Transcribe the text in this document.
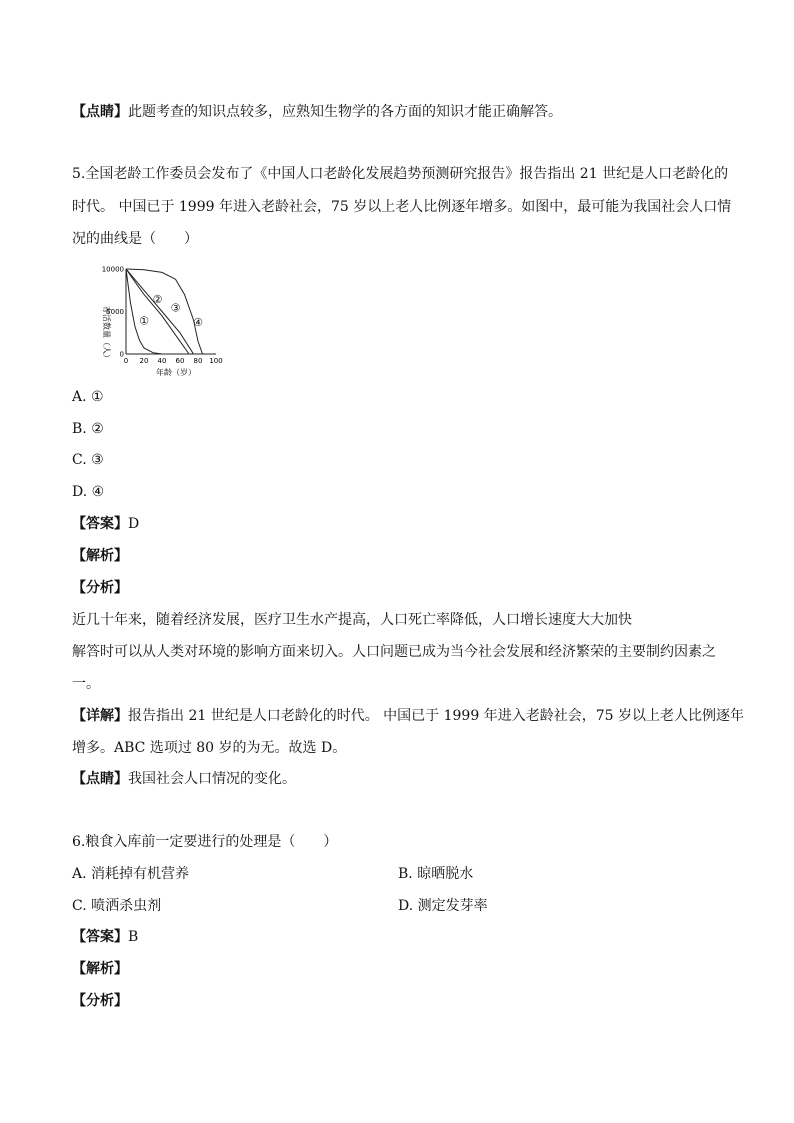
【点睛】此题考查的知识点较多，应熟知生物学的各方面的知识才能正确解答。
5.全国老龄工作委员会发布了《中国人口老龄化发展趋势预测研究报告》报告指出 21 世纪是人口老龄化的
时代。 中国已于 1999 年进入老龄社会，75 岁以上老人比例逐年增多。如图中，最可能为我国社会人口情
况的曲线是（　　）
①
②
③
④
0 20 40 60 80 100
0
5000
10000
存活数量（人）
年龄（岁）
A. ①
B. ②
C. ③
D. ④
【答案】D
【解析】
【分析】
近几十年来，随着经济发展，医疗卫生水产提高，人口死亡率降低，人口增长速度大大加快
解答时可以从人类对环境的影响方面来切入。人口问题已成为当今社会发展和经济繁荣的主要制约因素之
一。
【详解】报告指出 21 世纪是人口老龄化的时代。 中国已于 1999 年进入老龄社会，75 岁以上老人比例逐年
增多。ABC 选项过 80 岁的为无。故选 D。
【点睛】我国社会人口情况的变化。
6.粮食入库前一定要进行的处理是（　　）
A. 消耗掉有机营养	B. 晾晒脱水
C. 喷洒杀虫剂	D. 测定发芽率
【答案】B
【解析】
【分析】
